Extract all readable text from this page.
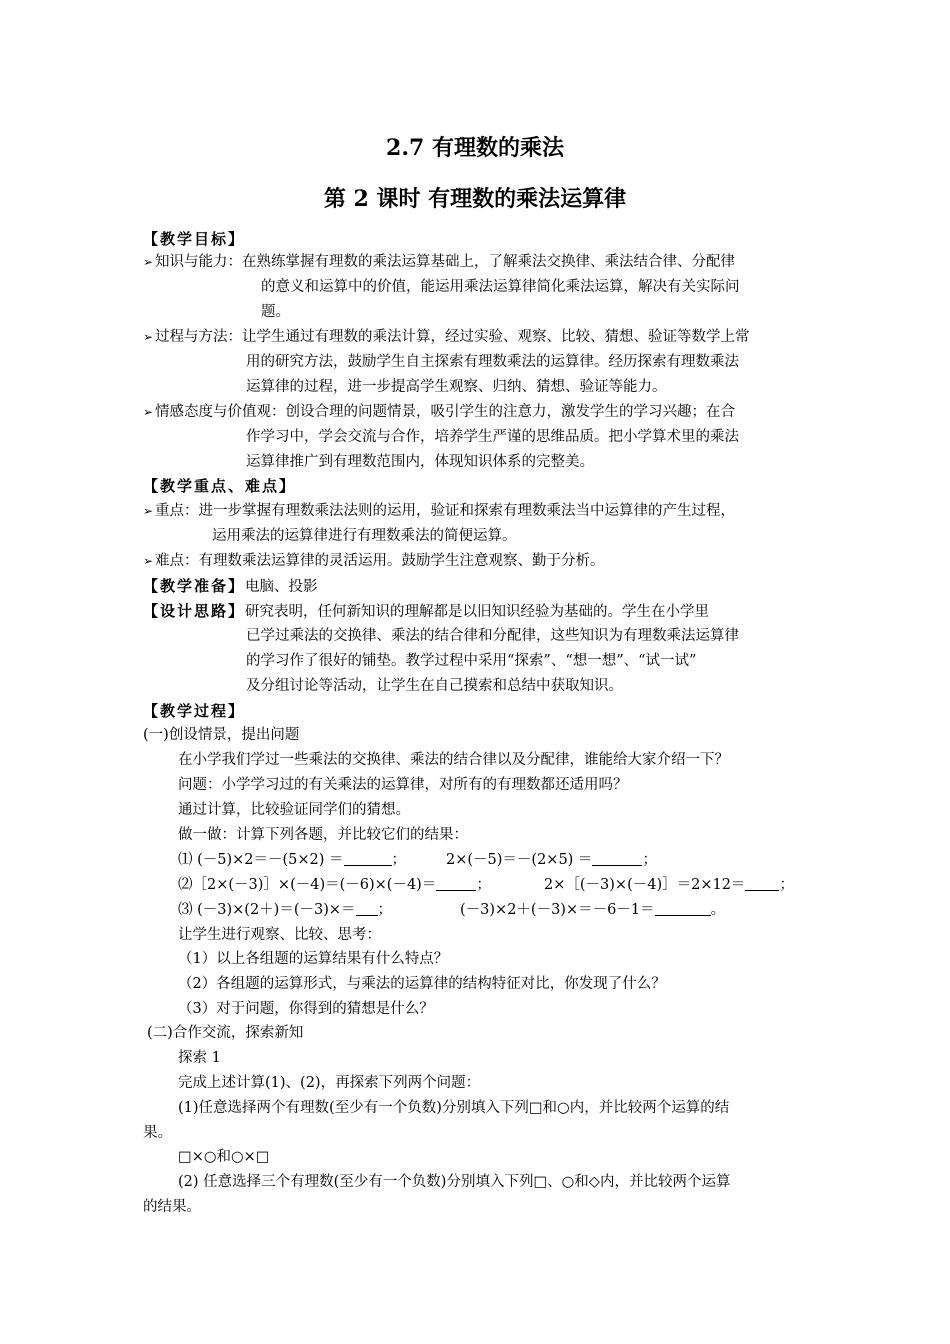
2.7 有理数的乘法
第 2 课时 有理数的乘法运算律
【教学目标】
➢ 知识与能力：在熟练掌握有理数的乘法运算基础上，了解乘法交换律、乘法结合律、分配律
的意义和运算中的价值，能运用乘法运算律简化乘法运算，解决有关实际问
题。
➢ 过程与方法：让学生通过有理数的乘法计算，经过实验、观察、比较、猜想、验证等数学上常
用的研究方法，鼓励学生自主探索有理数乘法的运算律。经历探索有理数乘法
运算律的过程，进一步提高学生观察、归纳、猜想、验证等能力。
➢ 情感态度与价值观：创设合理的问题情景，吸引学生的注意力，激发学生的学习兴趣；在合
作学习中，学会交流与合作，培养学生严谨的思维品质。把小学算术里的乘法
运算律推广到有理数范围内，体现知识体系的完整美。
【教学重点、难点】
➢ 重点：进一步掌握有理数乘法法则的运用，验证和探索有理数乘法当中运算律的产生过程，
运用乘法的运算律进行有理数乘法的简便运算。
➢ 难点：有理数乘法运算律的灵活运用。鼓励学生注意观察、勤于分析。
【教学准备】电脑、投影
【设计思路】研究表明，任何新知识的理解都是以旧知识经验为基础的。学生在小学里
已学过乘法的交换律、乘法的结合律和分配律，这些知识为有理数乘法运算律
的学习作了很好的铺垫。教学过程中采用“探索”、“想一想”、“试一试”
及分组讨论等活动，让学生在自己摸索和总结中获取知识。
【教学过程】
(一)创设情景，提出问题
在小学我们学过一些乘法的交换律、乘法的结合律以及分配律，谁能给大家介绍一下？
问题：小学学习过的有关乘法的运算律，对所有的有理数都还适用吗？
通过计算，比较验证同学们的猜想。
做一做：计算下列各题，并比较它们的结果：
⑴ (－5)×2＝－(5×2) ＝	；	2×(－5)＝－(2×5) ＝	；
⑵［2×(－3)］×(－4)＝(－6)×(－4)＝	；	2×［(－3)×(－4)］＝2×12＝ ；
⑶ (－3)×(2＋)＝(－3)×＝ ；	(－3)×2＋(－3)×＝－6－1＝	。
让学生进行观察、比较、思考：
（1）以上各组题的运算结果有什么特点？
（2）各组题的运算形式，与乘法的运算律的结构特征对比，你发现了什么？
（3）对于问题，你得到的猜想是什么？
(二)合作交流，探索新知
探索 1
完成上述计算(1)、(2)，再探索下列两个问题：
(1)任意选择两个有理数(至少有一个负数)分别填入下列□和○内，并比较两个运算的结
果。
□×○和○×□
(2) 任意选择三个有理数(至少有一个负数)分别填入下列□、○和◇内，并比较两个运算
的结果。
